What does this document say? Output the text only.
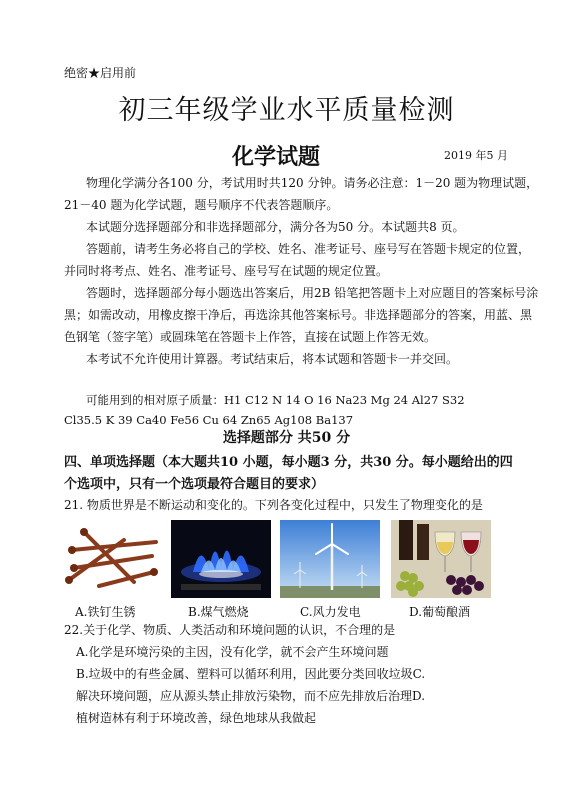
绝密★启用前
初三年级学业水平质量检测
化学试题	2019 年5 月
物理化学满分各100 分，考试用时共120 分钟。请务必注意：1－20 题为物理试题，
21－40 题为化学试题，题号顺序不代表答题顺序。
本试题分选择题部分和非选择题部分，满分各为50 分。本试题共8 页。
答题前，请考生务必将自己的学校、姓名、准考证号、座号写在答题卡规定的位置，
并同时将考点、姓名、准考证号、座号写在试题的规定位置。
答题时，选择题部分每小题选出答案后，用2B 铅笔把答题卡上对应题目的答案标号涂
黑；如需改动，用橡皮擦干净后，再选涂其他答案标号。非选择题部分的答案，用蓝、黑
色钢笔（签字笔）或圆珠笔在答题卡上作答，直接在试题上作答无效。
本考试不允许使用计算器。考试结束后，将本试题和答题卡一并交回。
可能用到的相对原子质量：H1 C12 N 14 O 16 Na23 Mg 24 Al27 S32
Cl35.5 K 39 Ca40 Fe56 Cu 64 Zn65 Ag108 Ba137
选择题部分 共50 分
四、单项选择题（本大题共10 小题，每小题3 分，共30 分。每小题给出的四
个选项中，只有一个选项最符合题目的要求）
21. 物质世界是不断运动和变化的。下列各变化过程中，只发生了物理变化的是
A.铁钉生锈	B.煤气燃烧	C.风力发电	D.葡萄酿酒
22.关于化学、物质、人类活动和环境问题的认识，不合理的是
A.化学是环境污染的主因，没有化学，就不会产生环境问题
B.垃圾中的有些金属、塑料可以循环利用，因此要分类回收垃圾C.
解决环境问题，应从源头禁止排放污染物，而不应先排放后治理D.
植树造林有利于环境改善，绿色地球从我做起
